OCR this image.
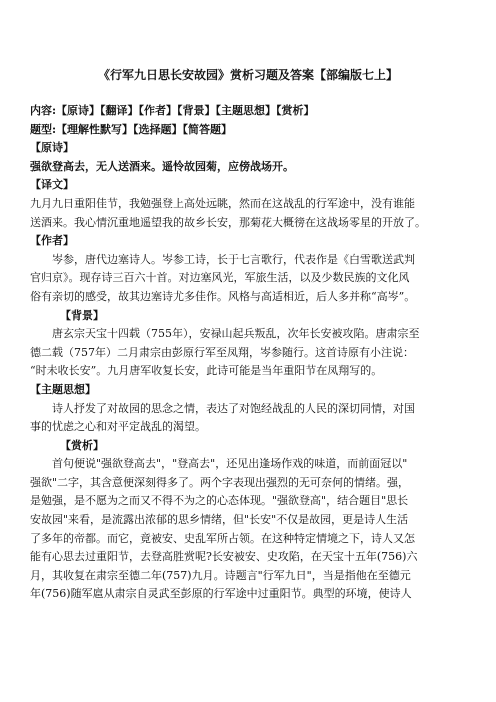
《行军九日思长安故园》赏析习题及答案【部编版七上】
内容:【原诗】【翻译】【作者】【背景】【主题思想】【赏析】
题型:【理解性默写】【选择题】【简答题】
【原诗】
强欲登高去，无人送酒来。遥怜故园菊，应傍战场开。
【译文】
九月九日重阳佳节，我勉强登上高处远眺，然而在这战乱的行军途中，没有谁能
送酒来。我心情沉重地遥望我的故乡长安，那菊花大概徬在这战场零星的开放了。
【作者】
岑参，唐代边塞诗人。岑参工诗，长于七言歌行，代表作是《白雪歌送武判
官归京》。现存诗三百六十首。对边塞风光，军旅生活，以及少数民族的文化风
俗有亲切的感受，故其边塞诗尤多佳作。风格与高适相近，后人多并称“高岑”。
【背景】
唐玄宗天宝十四载（755年），安禄山起兵叛乱，次年长安被攻陷。唐肃宗至
德二载（757年）二月肃宗由彭原行军至凤翔，岑参随行。这首诗原有小注说：
“时未收长安”。九月唐军收复长安，此诗可能是当年重阳节在凤翔写的。
【主题思想】
诗人抒发了对故园的思念之情，表达了对饱经战乱的人民的深切同情，对国
事的忧虑之心和对平定战乱的渴望。
【赏析】
首句便说"强欲登高去"，"登高去"，还见出逢场作戏的味道，而前面冠以"
强欲"二字，其含意便深刻得多了。两个字表现出强烈的无可奈何的情绪。强，
是勉强，是不愿为之而又不得不为之的心态体现。"强欲登高"，结合题目"思长
安故园"来看，是流露出浓郁的思乡情绪，但"长安"不仅是故园，更是诗人生活
了多年的帝都。而它，竟被安、史乱军所占领。在这种特定情境之下，诗人又怎
能有心思去过重阳节，去登高胜赏呢?长安被安、史攻陷，在天宝十五年(756)六
月，其收复在肃宗至德二年(757)九月。诗题言"行军九日"，当是指他在至德元
年(756)随军扈从肃宗自灵武至彭原的行军途中过重阳节。典型的环境，使诗人
